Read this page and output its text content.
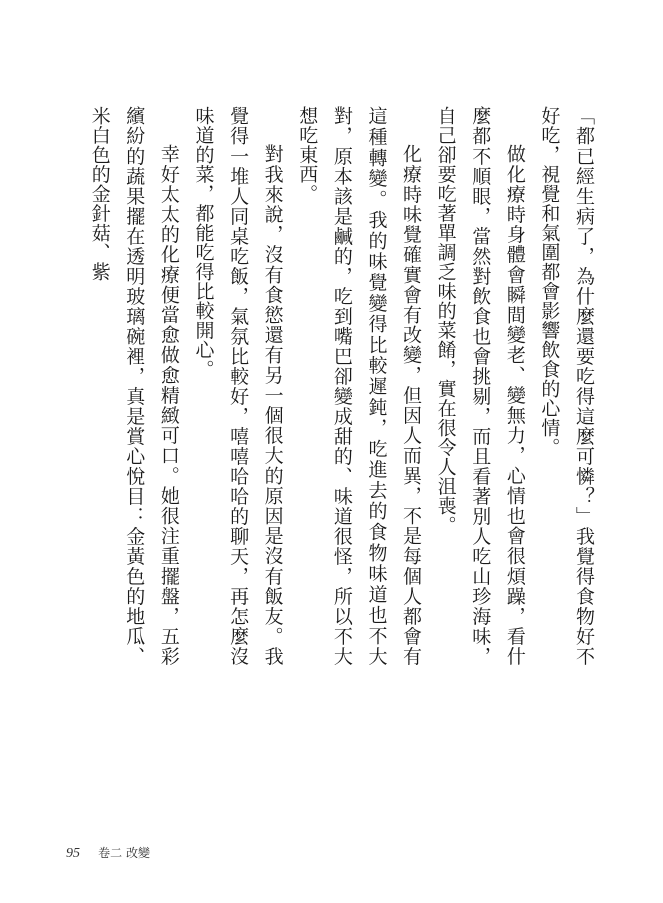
「都已經生病了，為什麼還要吃得這麼可憐？」我覺得食物好不好吃，視覺和氣圍都會影響飲食的心情。

做化療時身體會瞬間變老、變無力，心情也會很煩躁，看什麼都不順眼，當然對飲食也會挑剔，而且看著別人吃山珍海味，自己卻要吃著單調乏味的菜餚，實在很令人沮喪。

化療時味覺確實會有改變，但因人而異，不是每個人都會有這種轉變。我的味覺變得比較遲鈍，吃進去的食物味道也不大對，原本該是鹹的，吃到嘴巴卻變成甜的、味道很怪，所以不大想吃東西。

對我來說，沒有食慾還有另一個很大的原因是沒有飯友。我覺得一堆人同桌吃飯，氣氛比較好，嘻嘻哈哈的聊天，再怎麼沒味道的菜，都能吃得比較開心。

幸好太太的化療便當愈做愈精緻可口。她很注重擺盤，五彩繽紛的蔬果擺在透明玻璃碗裡，真是賞心悅目：金黃色的地瓜、米白色的金針菇、紫

95 卷二 改變
